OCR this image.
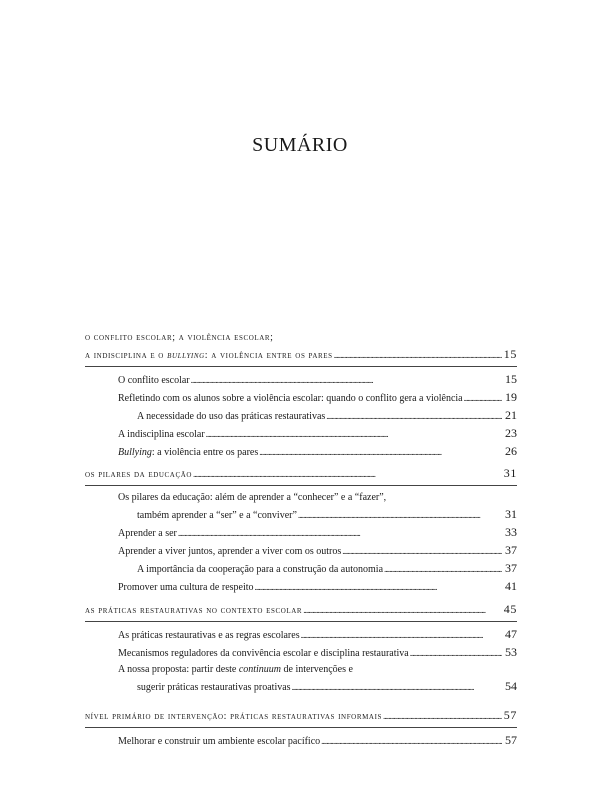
SUMÁRIO
o conflito escolar; a violência escolar;
a indisciplina e o bullying: a violência entre os pares . . .	15
O conflito escolar . . .	15
Refletindo com os alunos sobre a violência escolar: quando o conflito gera a violência . . .	19
A necessidade do uso das práticas restaurativas . . .	21
A indisciplina escolar . . .	23
Bullying: a violência entre os pares . . .	26
os pilares da educação . . .	31
Os pilares da educação: além de aprender a “conhecer” e a “fazer”,
também aprender a “ser” e a “conviver” . . .	31
Aprender a ser . . .	33
Aprender a viver juntos, aprender a viver com os outros . . .	37
A importância da cooperação para a construção da autonomia . . .	37
Promover uma cultura de respeito . . .	41
as práticas restaurativas no contexto escolar . . .	45
As práticas restaurativas e as regras escolares . . .	47
Mecanismos reguladores da convivência escolar e disciplina restaurativa . . .	53
A nossa proposta: partir deste continuum de intervenções e
sugerir práticas restaurativas proativas . . .	54
nível primário de intervenção: práticas restaurativas informais . . .	57
Melhorar e construir um ambiente escolar pacífico . . .	57
